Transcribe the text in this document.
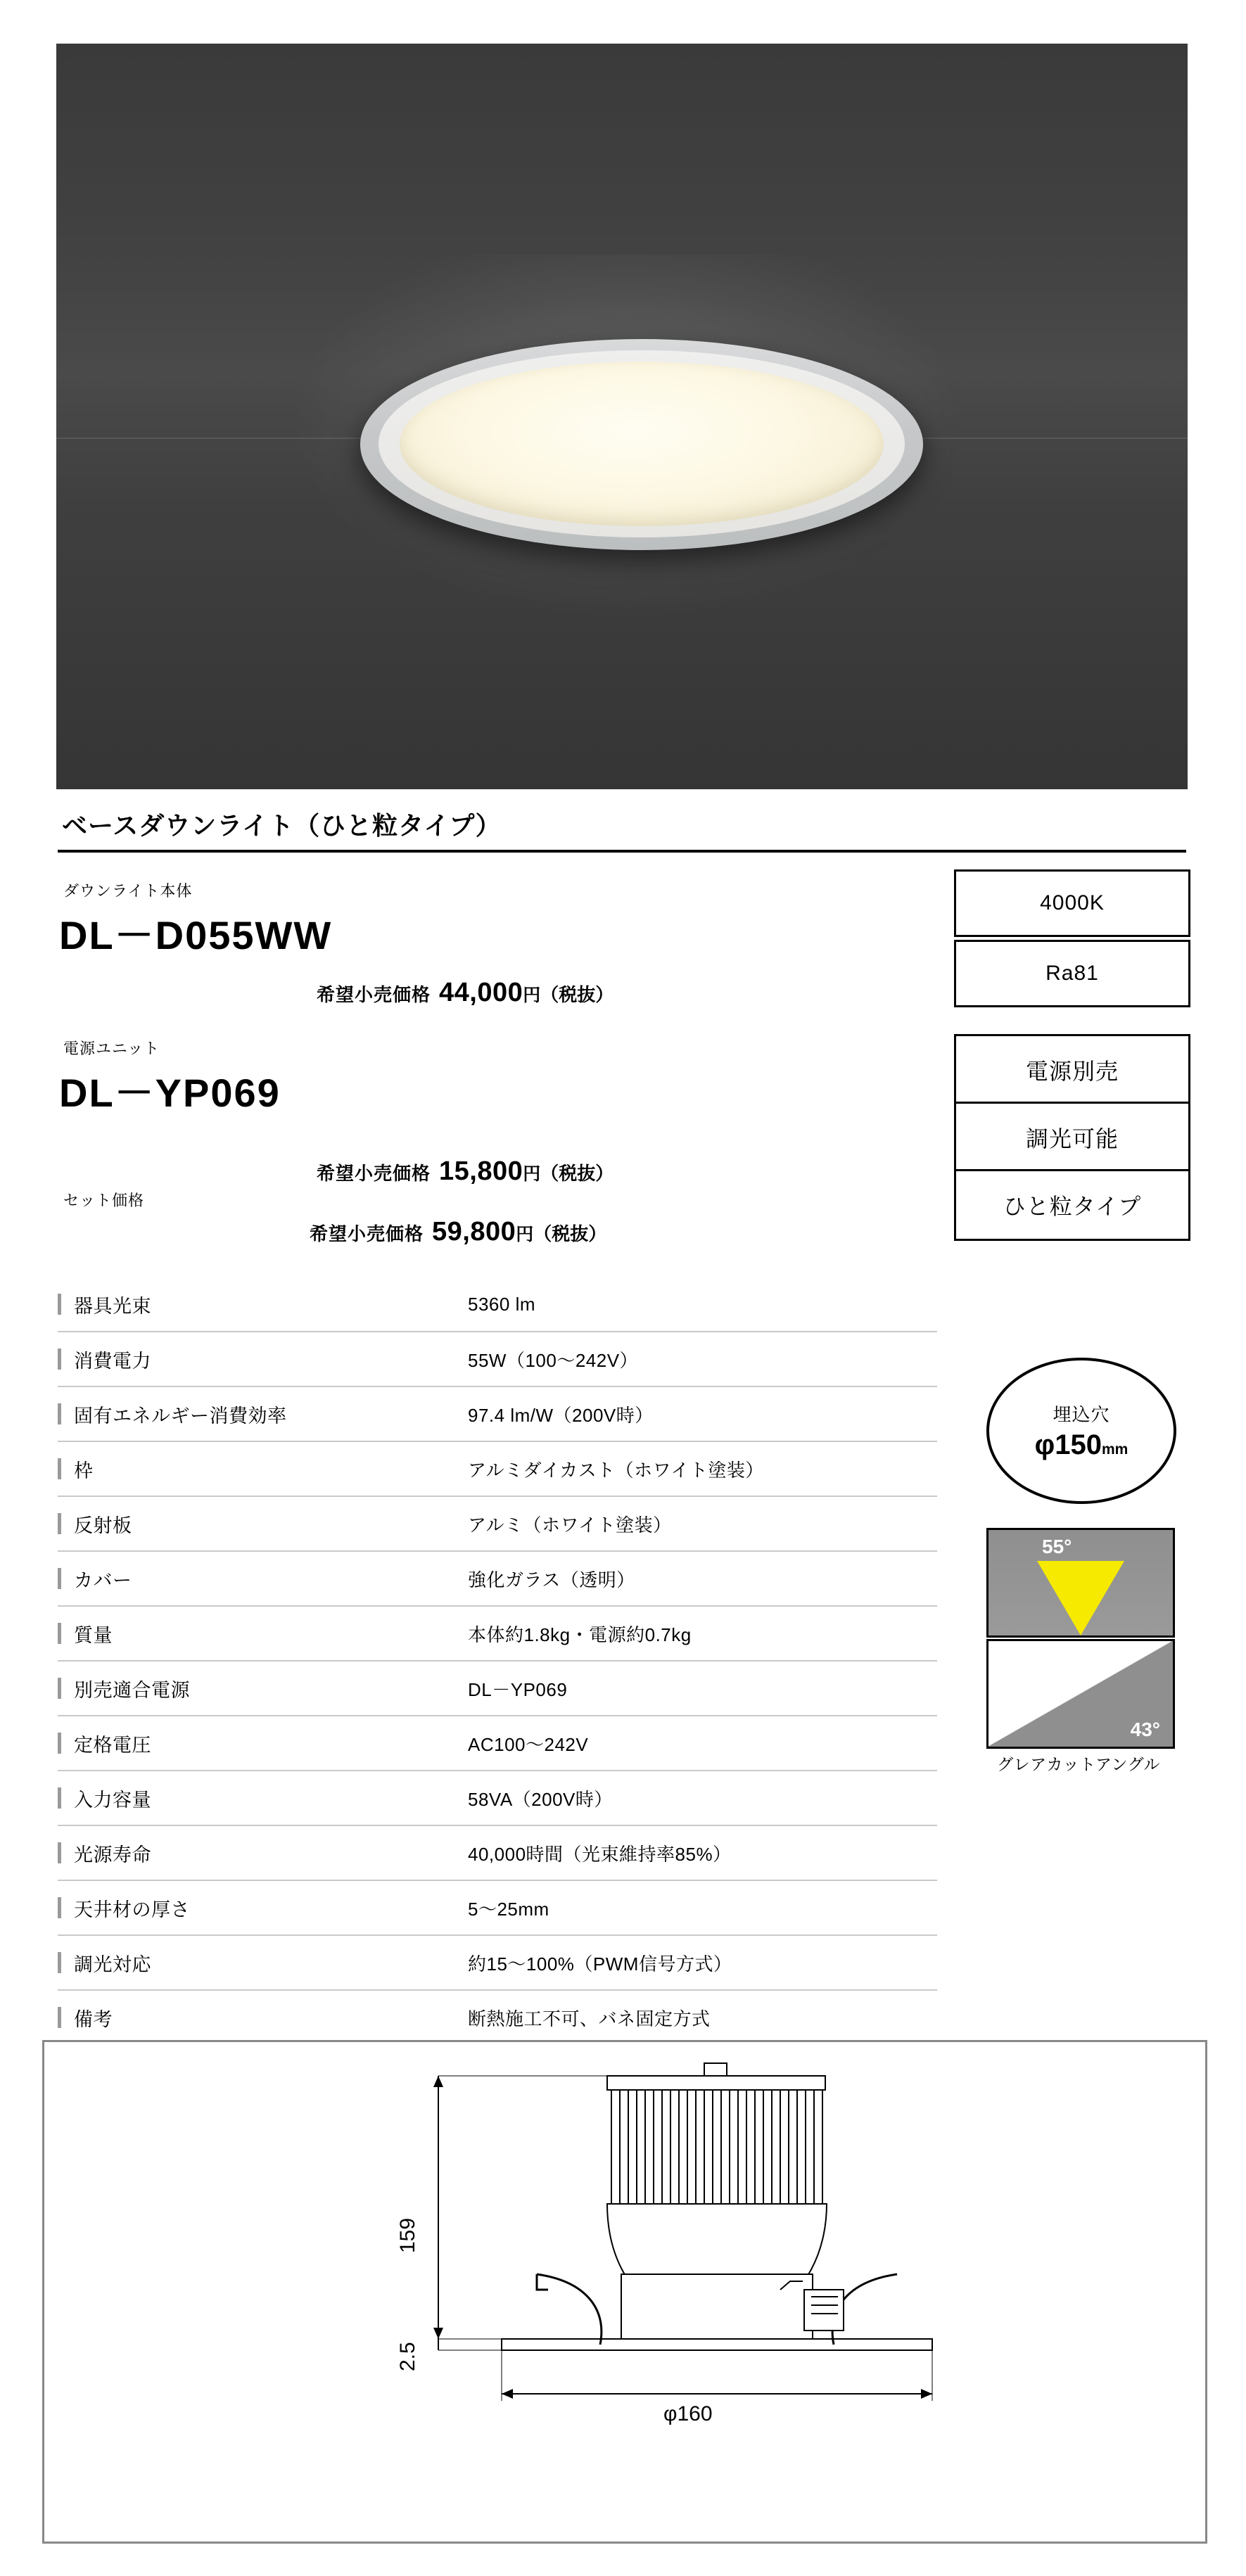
ベースダウンライト（ひと粒タイプ）
ダウンライト本体
DL－D055WW
希望小売価格 44,000円（税抜）
電源ユニット
DL－YP069
希望小売価格 15,800円（税抜）
セット価格
希望小売価格 59,800円（税抜）
4000K
Ra81
電源別売
調光可能
ひと粒タイプ
埋込穴
φ150mm
55°
43°
グレアカットアングル
器具光束	5360 lm
消費電力	55W（100〜242V）
固有エネルギー消費効率	97.4 lm/W（200V時）
枠	アルミダイカスト（ホワイト塗装）
反射板	アルミ（ホワイト塗装）
カバー	強化ガラス（透明）
質量	本体約1.8kg・電源約0.7kg
別売適合電源	DL－YP069
定格電圧	AC100〜242V
入力容量	58VA（200V時）
光源寿命	40,000時間（光束維持率85%）
天井材の厚さ	5〜25mm
調光対応	約15〜100%（PWM信号方式）
備考	断熱施工不可、バネ固定方式
159
2.5
φ160
